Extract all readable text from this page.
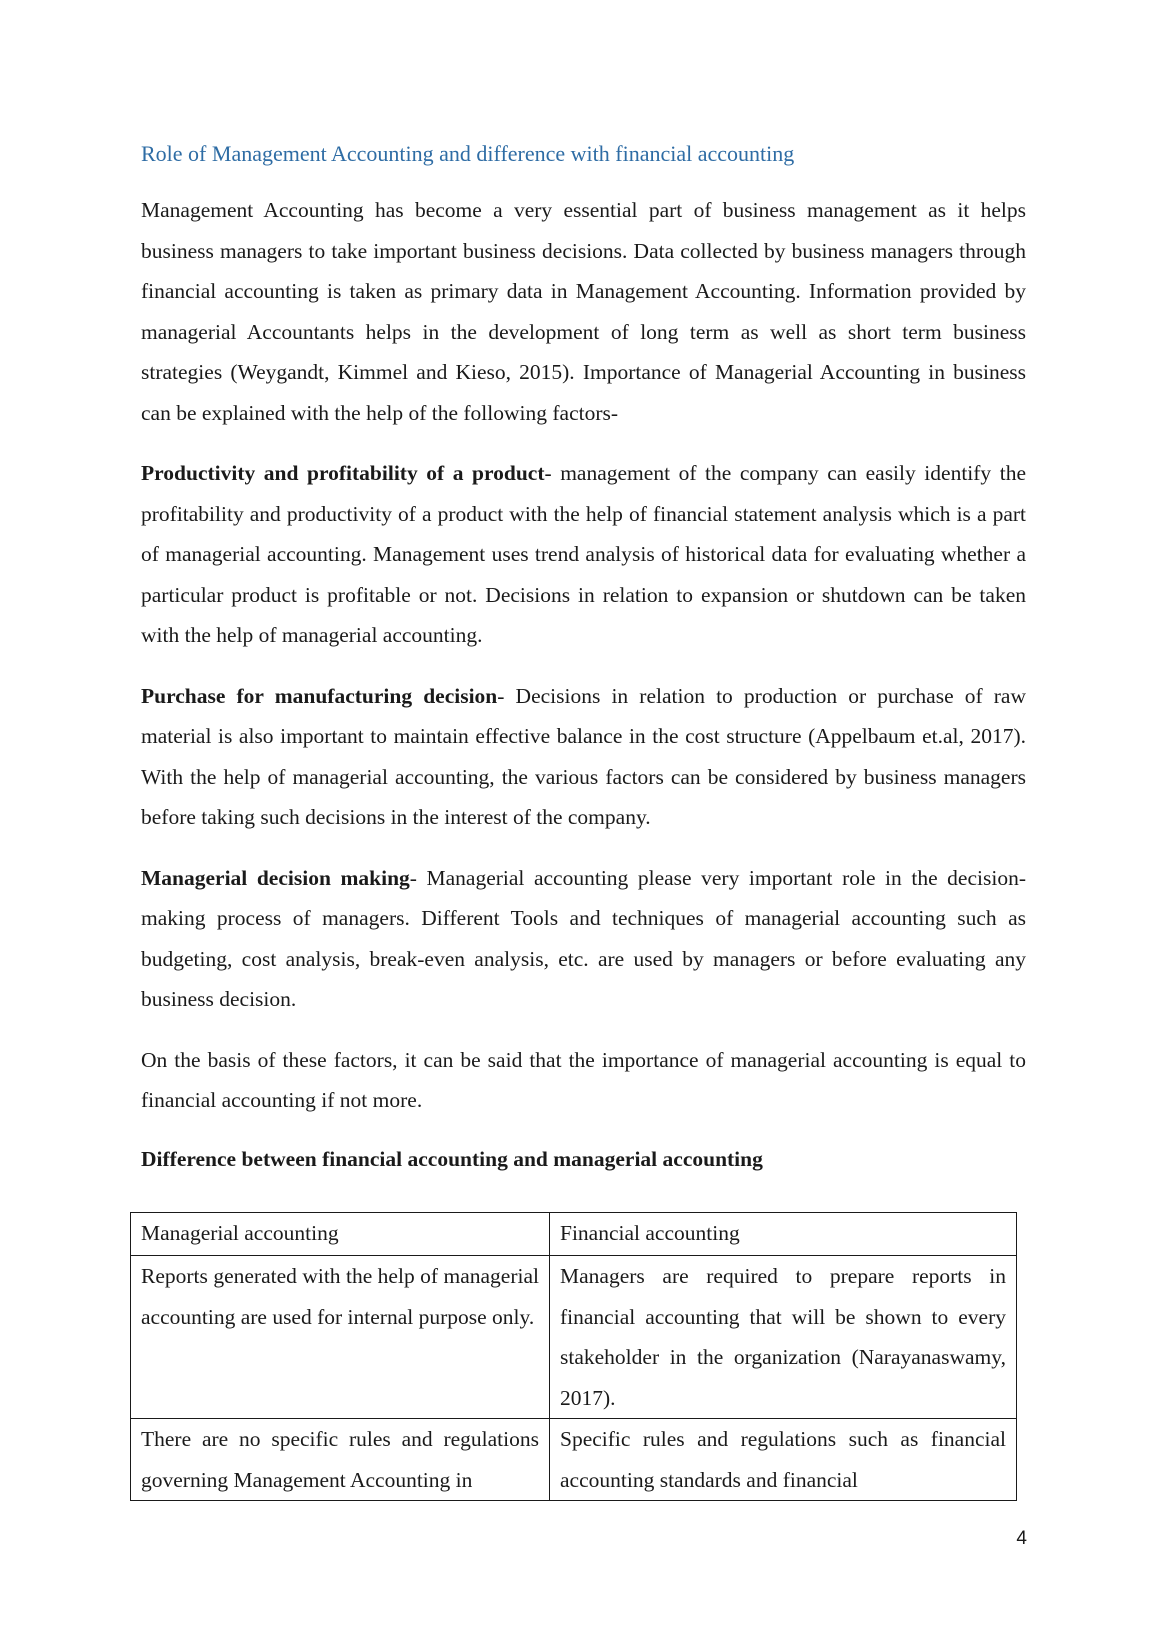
Role of Management Accounting and difference with financial accounting

Management Accounting has become a very essential part of business management as it helps business managers to take important business decisions. Data collected by business managers through financial accounting is taken as primary data in Management Accounting. Information provided by managerial Accountants helps in the development of long term as well as short term business strategies (Weygandt, Kimmel and Kieso, 2015). Importance of Managerial Accounting in business can be explained with the help of the following factors-

Productivity and profitability of a product- management of the company can easily identify the profitability and productivity of a product with the help of financial statement analysis which is a part of managerial accounting. Management uses trend analysis of historical data for evaluating whether a particular product is profitable or not. Decisions in relation to expansion or shutdown can be taken with the help of managerial accounting.

Purchase for manufacturing decision- Decisions in relation to production or purchase of raw material is also important to maintain effective balance in the cost structure (Appelbaum et.al, 2017). With the help of managerial accounting, the various factors can be considered by business managers before taking such decisions in the interest of the company.

Managerial decision making- Managerial accounting please very important role in the decision-making process of managers. Different Tools and techniques of managerial accounting such as budgeting, cost analysis, break-even analysis, etc. are used by managers or before evaluating any business decision.

On the basis of these factors, it can be said that the importance of managerial accounting is equal to financial accounting if not more.

Difference between financial accounting and managerial accounting
Managerial accounting	Financial accounting
Reports generated with the help of managerial accounting are used for internal purpose only.	Managers are required to prepare reports in financial accounting that will be shown to every stakeholder in the organization (Narayanaswamy, 2017).

There are no specific rules and regulations governing Management Accounting in	Specific rules and regulations such as financial accounting standards and financial
4
